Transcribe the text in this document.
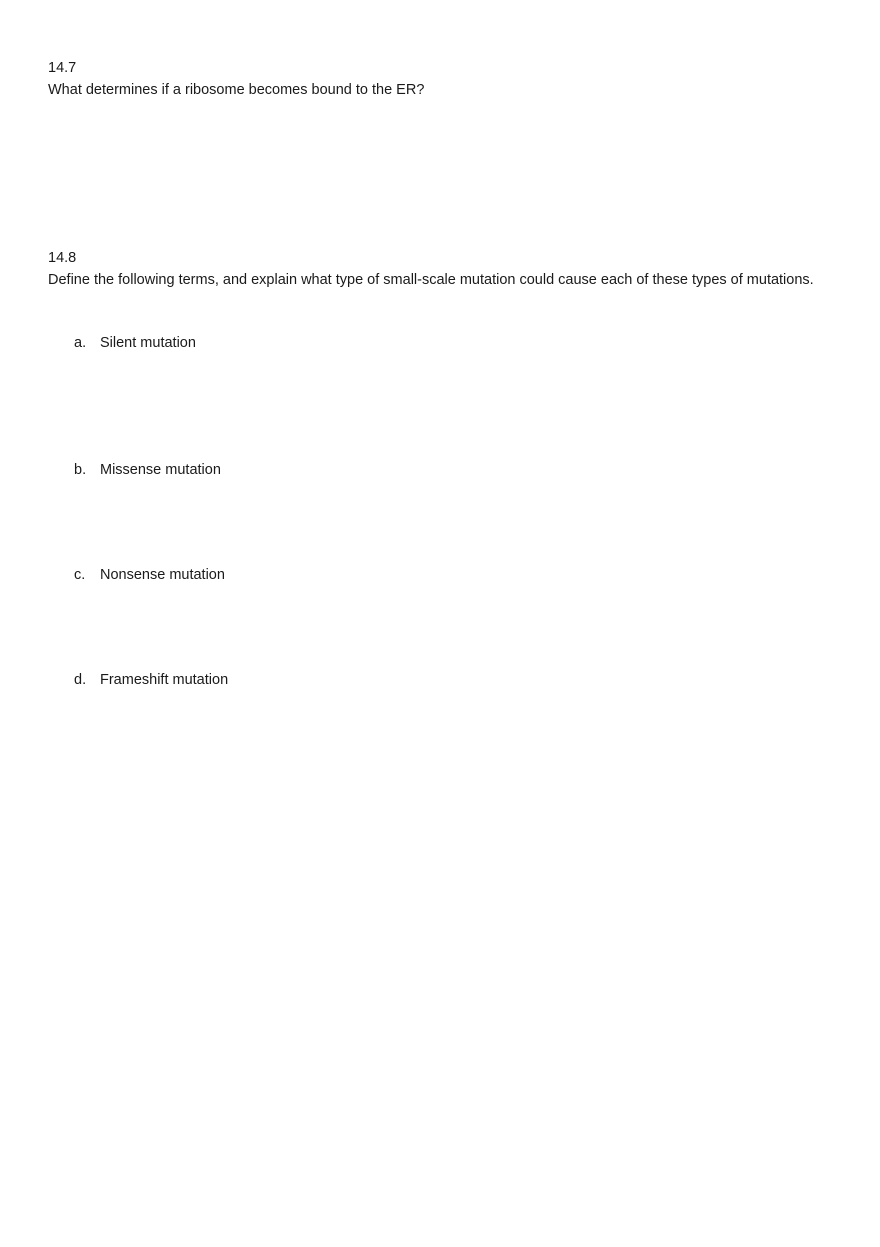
14.7

What determines if a ribosome becomes bound to the ER?

14.8

Define the following terms, and explain what type of small-scale mutation could cause each of these types of mutations.

a. Silent mutation
b. Missense mutation
c. Nonsense mutation
d. Frameshift mutation
